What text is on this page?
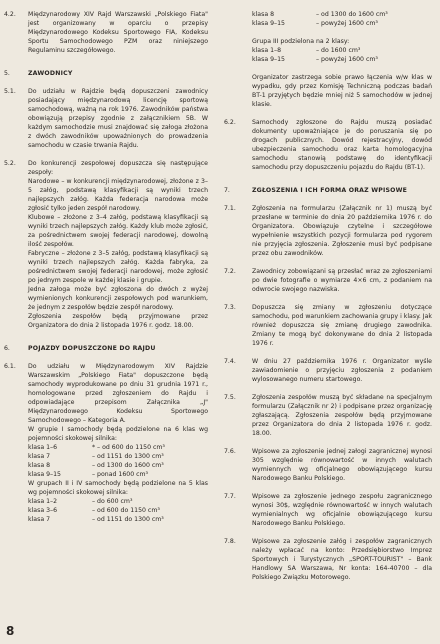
4.2.	Międzynarodowy XIV Rajd Warszawski „Polskiego Fiata" jest organizowany w oparciu o przepisy Międzynarodowego Kodeksu Sportowego FIA, Kodeksu Sportu Samochodowego PZM oraz niniejszego Regulaminu szczegółowego.
5.	ZAWODNICY
5.1.	Do udziału w Rajdzie będą dopuszczeni zawodnicy posiadający międzynarodową licencję sportową samochodową, ważną na rok 1976. Zawodników państwa obowiązują przepisy zgodnie z załącznikiem 5B. W każdym samochodzie musi znajdować się załoga złożona z dwóch zawodników upoważnionych do prowadzenia samochodu w czasie trwania Rajdu.
5.2.	Do konkurencji zespołowej dopuszcza się następujące zespoły:
Narodowe – w konkurencji międzynarodowej, złożone z 3–5 załóg, podstawą klasyfikacji są wyniki trzech najlepszych załóg. Każda federacja narodowa może zgłosić tylko jeden zespół narodowy.
Klubowe – złożone z 3–4 załóg, podstawą klasyfikacji są wyniki trzech najlepszych załóg. Każdy klub może zgłosić, za pośrednictwem swojej federacji narodowej, dowolną ilość zespołów.
Fabryczne – złożone z 3–5 załóg, podstawą klasyfikacji są wyniki trzech najlepszych załóg. Każda fabryka, za pośrednictwem swojej federacji narodowej, może zgłosić po jednym zespole w każdej klasie i grupie.
Jedna załoga może być zgłoszona do dwóch z wyżej wymienionych konkurencji zespołowych pod warunkiem, że jednym z zespołów będzie zespół narodowy.
Zgłoszenia zespołów będą przyjmowane przez Organizatora do dnia 2 listopada 1976 r. godz. 18.00.
6.	POJAZDY DOPUSZCZONE DO RAJDU
6.1.	Do udziału w Międzynarodowym XIV Rajdzie Warszawskim „Polskiego Fiata" dopuszczone będą samochody wyprodukowane po dniu 31 grudnia 1971 r., homologowane przed zgłoszeniem do Rajdu i odpowiadające przepisom Załącznika „J" Międzynarodowego Kodeksu Sportowego Samochodowego – Kategoria A.
W grupie I samochody będą podzielone na 6 klas wg pojemności skokowej silnika:
klasa 1–6	* – od 600 do 1150 cm³
klasa 7	– od 1151 do 1300 cm³
klasa 8	– od 1300 do 1600 cm³
klasa 9–15	– ponad 1600 cm³
W grupach II i IV samochody będą podzielone na 5 klas wg pojemności skokowej silnika:
klasa 1–2	– do 600 cm³
klasa 3–6	– od 600 do 1150 cm³
klasa 7	– od 1151 do 1300 cm³
klasa 8	– od 1300 do 1600 cm³
klasa 9–15	– powyżej 1600 cm³
Grupa III podzielona na 2 klasy:
klasa 1–8	– do 1600 cm³
klasa 9–15	– powyżej 1600 cm³
Organizator zastrzega sobie prawo łączenia w/w klas w wypadku, gdy przez Komisję Techniczną podczas badań BT-1 przyjętych będzie mniej niż 5 samochodów w jednej klasie.
6.2.	Samochody zgłoszone do Rajdu muszą posiadać dokumenty upoważniające je do poruszania się po drogach publicznych. Dowód rejestracyjny, dowód ubezpieczenia samochodu oraz karta homologacyjna samochodu stanowią podstawę do identyfikacji samochodu przy dopuszczeniu pojazdu do Rajdu (BT-1).
7.	ZGŁOSZENIA I ICH FORMA ORAZ WPISOWE
7.1.	Zgłoszenia na formularzu (Załącznik nr 1) muszą być przesłane w terminie do dnia 20 października 1976 r. do Organizatora. Obowiązuje czytelne i szczegółowe wypełnienie wszystkich pozycji formularza pod rygorem nie przyjęcia zgłoszenia. Zgłoszenie musi być podpisane przez obu zawodników.
7.2.	Zawodnicy zobowiązani są przesłać wraz ze zgłoszeniami po dwie fotografie o wymiarze 4×6 cm, z podaniem na odwrocie swojego nazwiska.
7.3.	Dopuszcza się zmiany w zgłoszeniu dotyczące samochodu, pod warunkiem zachowania grupy i klasy. Jak również dopuszcza się zmianę drugiego zawodnika. Zmiany te mogą być dokonywane do dnia 2 listopada 1976 r.
7.4.	W dniu 27 października 1976 r. Organizator wyśle zawiadomienie o przyjęciu zgłoszenia z podaniem wylosowanego numeru startowego.
7.5.	Zgłoszenia zespołów muszą być składane na specjalnym formularzu (Załącznik nr 2) i podpisane przez organizację zgłaszającą. Zgłoszenia zespołów będą przyjmowane przez Organizatora do dnia 2 listopada 1976 r. godz. 18.00.
7.6.	Wpisowe za zgłoszenie jednej załogi zagranicznej wynosi 305 względnie równowartość w innych walutach wymiennych wg oficjalnego obowiązującego kursu Narodowego Banku Polskiego.
7.7.	Wpisowe za zgłoszenie jednego zespołu zagranicznego wynosi 30$, względnie równowartość w innych walutach wymienialnych wg oficjalnie obowiązującego kursu Narodowego Banku Polskiego.
7.8.	Wpisowe za zgłoszenie załóg i zespołów zagranicznych należy wpłacać na konto: Przedsiębiorstwo Imprez Sportowych i Turystycznych „SPORT-TOURIST" – Bank Handlowy SA Warszawa, Nr konta: 164-40700 – dla Polskiego Związku Motorowego.
8
